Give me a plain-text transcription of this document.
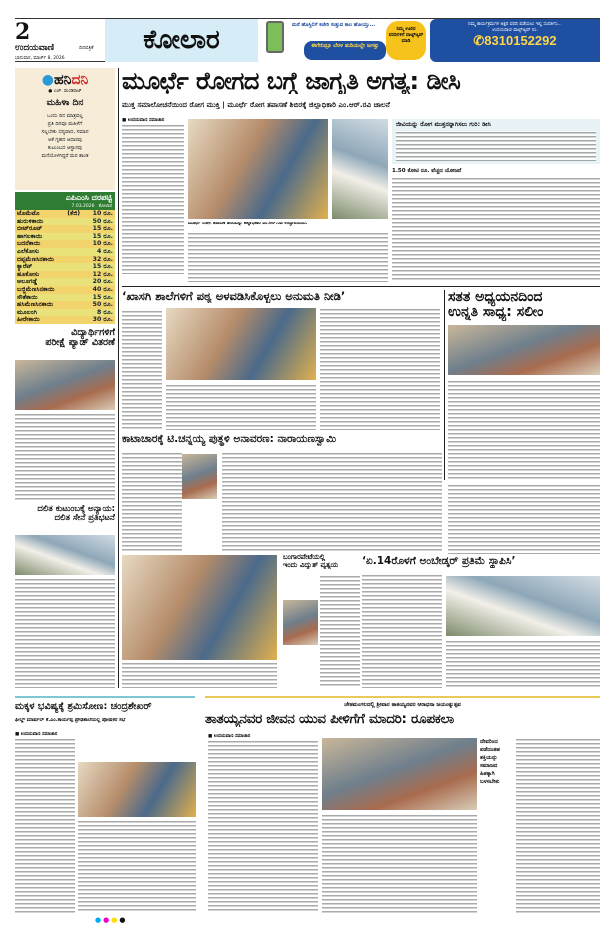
2
ಉದಯವಾಣಿ	ದಿನಪತ್ರಿಕೆ
ಭಾನುವಾರ, ಮಾರ್ಚ್ 8, 2026
ಕೋಲಾರ	ಮನೆ ಹೊಸ್ತಿಲಿಗೆ ಕಚೇರಿ ಸುತ್ತುವ ಕಾಲ ಹೋಯ್ತು...
ಈಗೇನಿದ್ರೂ ಬೆರಳ ತುದಿಯಲ್ಲೇ ಜಗತ್ತು
ನಿಮ್ಮ ಊರಿನ ವರದಿಗಳಿಗೆ ವಾಟ್ಸ್ಆ್ಯಪ್ ಮಾಡಿ
ನಿಮ್ಮ ಕಾರ್ಯಕ್ರಮಗಳ ಅಕ್ಷರ ವರದಿ ಪಡೆಯಲು ಇಲ್ಲಿ ಸಂಪರ್ಕಿಸಿ...
ಉದಯವಾಣಿ ವಾಟ್ಸ್ಆ್ಯಪ್ ನಂ.
✆8310152292
●ಹನಿದನಿ
● ಎಚ್. ಡುಂಡಿರಾಜ್
ಮಹಿಳಾ ದಿನ
ಒಂದು ದಿನ ಮಾತ್ರವಲ್ಲ
ಪ್ರತಿ ದಿನವೂ ಮಹಿಳೆಗೆ
ಸಲ್ಲಬೇಕು ಧನ್ಯವಾದ, ಸಮಾನ
ಅಕೆ ಗೃಹದ ಆಧಾರವು
ಕುಟುಂಬದ ಆಸ್ಥಾನವು
ಮನೆಯೊಳಗಿದ್ದರೆ ಮನ ಶಾಂತ
ಎಪಿಎಂಸಿ ದರಪಟ್ಟಿ
7.03.2026 ಕೋಲಾರ
ಟೊಮೆಟೊ	(ಕೆಜಿ)	10 ರೂ.
ಹುರುಳಿಕಾಯಿ		50 ರೂ.
ಬೀಟ್‌ರೂಟ್		15 ರೂ.
ಹಾಗಲಕಾಯಿ		15 ರೂ.
ಬದನೆಕಾಯಿ		10 ರೂ.
ಎಲೆಕೋಸು		4 ರೂ.
ದಪ್ಪಮೆಣಸಿನಕಾಯಿ		32 ರೂ.
ಕ್ಯಾರೆಟ್		15 ರೂ.
ಹೂಕೋಸು		12 ರೂ.
ಆಲೂಗಡ್ಡೆ		20 ರೂ.
ಬಜ್ಜಿಮೆಣಸಿನಕಾಯಿ		40 ರೂ.
ಸೌತೆಕಾಯಿ		15 ರೂ.
ಹಸಿಮೆಣಸಿನಕಾಯಿ		50 ರೂ.
ಮೂಲಂಗಿ		8 ರೂ.
ಹೀರೇಕಾಯಿ		30 ರೂ.
ವಿದ್ಯಾರ್ಥಿಗಳಿಗೆ
ಪರೀಕ್ಷೆ ಪ್ಯಾಡ್ ವಿತರಣೆ
ದಲಿತ ಕುಟುಂಬಕ್ಕೆ ಅನ್ಯಾಯ:
ದಲಿತ ಸೇನೆ ಪ್ರತಿಭಟನೆ
ಮೂರ್ಛೆ ರೋಗದ ಬಗ್ಗೆ ಜಾಗೃತಿ ಅಗತ್ಯ: ಡೀಸಿ
ಮುಕ್ತ ಸಮಾಲೋಚನೆಯಿಂದ ರೋಗ ಮುಕ್ತಿ | ಮೂರ್ಛೆ ರೋಗ ತಪಾಸಣೆ ಶಿಬಿರಕ್ಕೆ ಜಿಲ್ಲಾಧಿಕಾರಿ ಎಂ.ಆರ್.ರವಿ ಚಾಲನೆ
■ ಉದಯವಾಣಿ ಸಮಾಚಾರ
ಮೂರ್ಛೆ ರೋಗ ತಪಾಸಣೆ ಶಿಬಿರವನ್ನು ಜಿಲ್ಲಾಧಿಕಾರಿ ಎಂ.ಆರ್.ರವಿ ಉದ್ಘಾಟಿಸಿದರು.
ಜೀವಿಯನ್ನು ರೋಗ ಮುಕ್ತನನ್ನಾಗಿಸಲು ಗುರಿ: ಡೀಸಿ
1.50 ಕೋಟಿ ರೂ. ವೆಚ್ಚದ ಯೋಜನೆ
‘ಖಾಸಗಿ ಶಾಲೆಗಳಿಗೆ ಪಠ್ಯ ಅಳವಡಿಸಿಕೊಳ್ಳಲು ಅನುಮತಿ ನೀಡಿ’	ಸತತ ಅಧ್ಯಯನದಿಂದ
ಉನ್ನತಿ ಸಾಧ್ಯ: ಸಲೀಂ
ಕಾಟಾಚಾರಕ್ಕೆ ಟಿ.ಚನ್ನಯ್ಯ ಪುತ್ಥಳಿ ಅನಾವರಣ: ನಾರಾಯಣಸ್ವಾಮಿ
ಬಂಗಾರಪೇಟೆಯಲ್ಲಿ
ಇಂದು ವಿದ್ಯುತ್ ವ್ಯತ್ಯಯ	‘ಏ.14ರೊಳಗೆ ಅಂಬೇಡ್ಕರ್ ಪ್ರತಿಮೆ ಸ್ಥಾಪಿಸಿ’
ಮಕ್ಕಳ ಭವಿಷ್ಯಕ್ಕೆ ಶ್ರಮಿಸೋಣ: ಚಂದ್ರಶೇಖರ್
ಫೀಲ್ಡ್ ಮಾರ್ಷಲ್ ಕೆ.ಎಂ.ಕಾರ್ಯಪ್ಪ ಪ್ರೌಢಶಾಲೆಯಲ್ಲಿ ಪೋಷಕರ ಸಭೆ
■ ಉದಯವಾಣಿ ಸಮಾಚಾರ
ಚೇತಮಂಗಲದಲ್ಲಿ ಶ್ರೀವಾರ ತಾತಯ್ಯನವರ ಆರಾಧನಾ ಜಯಂತ್ಯುತ್ಸವ
ತಾತಯ್ಯನವರ ಜೀವನ ಯುವ ಪೀಳಿಗೆಗೆ ಮಾದರಿ: ರೂಪಕಲಾ
■ ಉದಯವಾಣಿ ಸಮಾಚಾರ
ದೇವರಿಂದ ಪಡೆದಂತಹ ಶಕ್ತಿಯನ್ನು ಸಮಾಜದ ಹಿತಕ್ಕಾಗಿ ಬಳಸಬೇಕು
●●●●
